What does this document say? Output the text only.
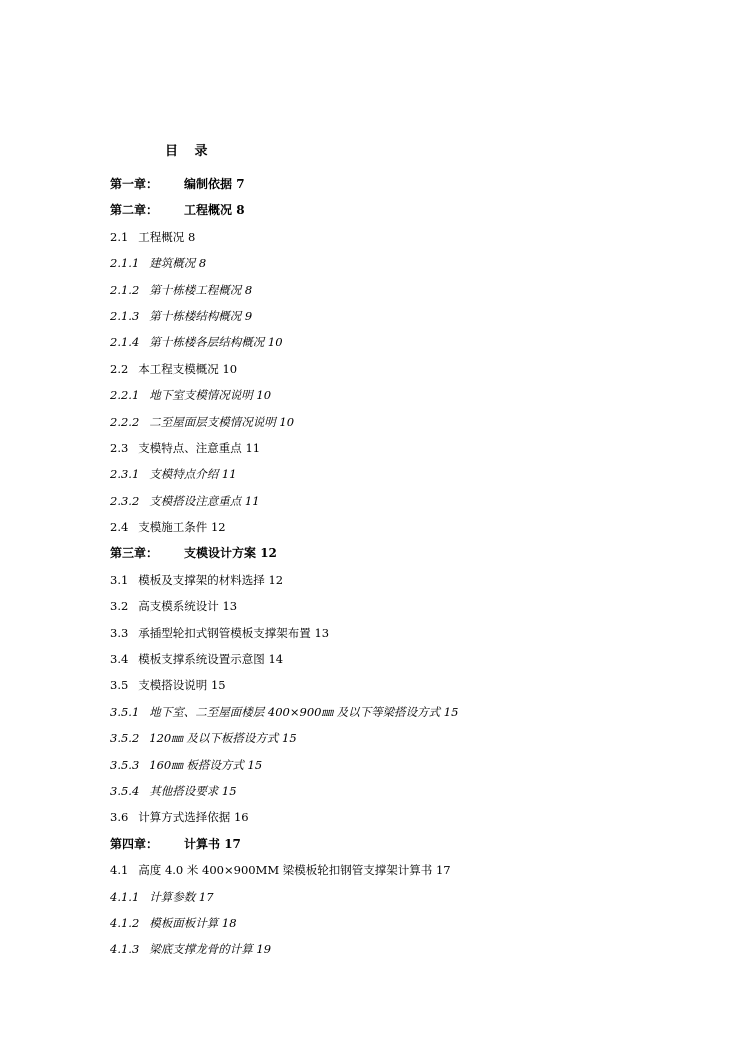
目 录
第一章： 编制依据 7
第二章： 工程概况 8
2.1 工程概况 8
2.1.1 建筑概况 8
2.1.2 第十栋楼工程概况 8
2.1.3 第十栋楼结构概况 9
2.1.4 第十栋楼各层结构概况 10
2.2 本工程支模概况 10
2.2.1 地下室支模情况说明 10
2.2.2 二至屋面层支模情况说明 10
2.3 支模特点、注意重点 11
2.3.1 支模特点介绍 11
2.3.2 支模搭设注意重点 11
2.4 支模施工条件 12
第三章： 支模设计方案 12
3.1 模板及支撑架的材料选择 12
3.2 高支模系统设计 13
3.3 承插型轮扣式钢管模板支撑架布置 13
3.4 模板支撑系统设置示意图 14
3.5 支模搭设说明 15
3.5.1 地下室、二至屋面楼层 400×900㎜ 及以下等梁搭设方式 15
3.5.2 120㎜ 及以下板搭设方式 15
3.5.3 160㎜ 板搭设方式 15
3.5.4 其他搭设要求 15
3.6 计算方式选择依据 16
第四章： 计算书 17
4.1 高度 4.0 米 400×900MM 梁模板轮扣钢管支撑架计算书 17
4.1.1 计算参数 17
4.1.2 模板面板计算 18
4.1.3 梁底支撑龙骨的计算 19
